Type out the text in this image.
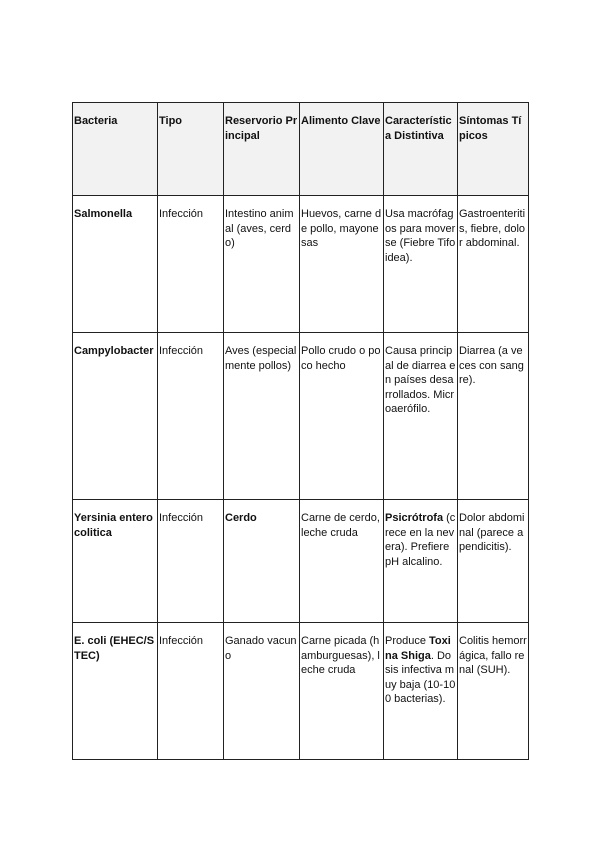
Bacteria	Tipo	Reservorio Principal	Alimento Clave	Característica Distintiva	Síntomas Típicos
Salmonella	Infección	Intestino animal (aves, cerdo)	Huevos, carne de pollo, mayonesas	Usa macrófagos para moverse (Fiebre Tifoidea).	Gastroenteritis, fiebre, dolor abdominal.
Campylobacter	Infección	Aves (especialmente pollos)	Pollo crudo o poco hecho	Causa principal de diarrea en países desarrollados. Microaerófilo.	Diarrea (a veces con sangre).
Yersinia enterocolitica	Infección	Cerdo	Carne de cerdo, leche cruda	Psicrótrofa (crece en la nevera). Prefiere pH alcalino.	Dolor abdominal (parece apendicitis).
E. coli (EHEC/STEC)	Infección	Ganado vacuno	Carne picada (hamburguesas), leche cruda	Produce Toxina Shiga. Dosis infectiva muy baja (10-100 bacterias).	Colitis hemorrágica, fallo renal (SUH).
